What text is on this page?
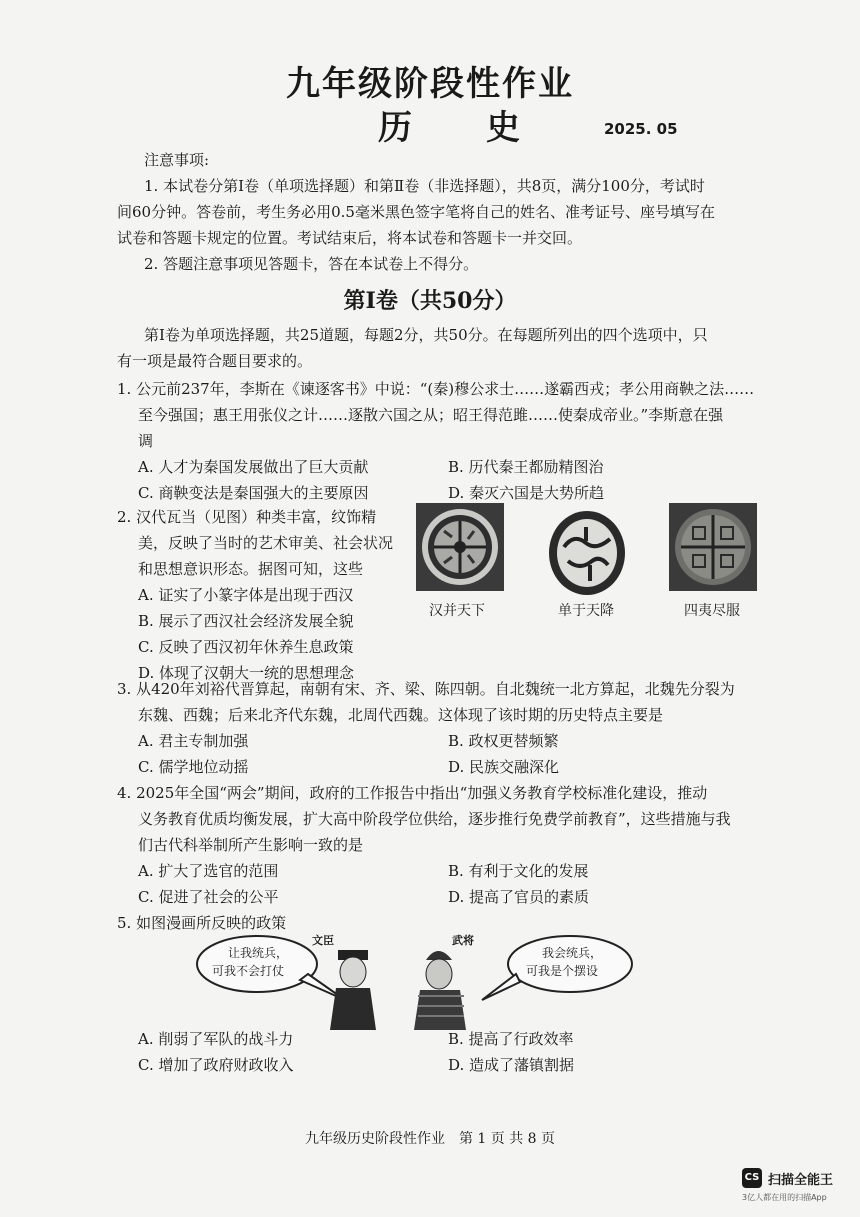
九年级阶段性作业
历　史	2025. 05
注意事项:
1. 本试卷分第Ⅰ卷（单项选择题）和第Ⅱ卷（非选择题），共8页，满分100分，考试时
间60分钟。答卷前，考生务必用0.5毫米黑色签字笔将自己的姓名、准考证号、座号填写在
试卷和答题卡规定的位置。考试结束后，将本试卷和答题卡一并交回。
2. 答题注意事项见答题卡，答在本试卷上不得分。
第Ⅰ卷（共50分）
第Ⅰ卷为单项选择题，共25道题，每题2分，共50分。在每题所列出的四个选项中，只
有一项是最符合题目要求的。
1. 公元前237年，李斯在《谏逐客书》中说：“(秦)穆公求士……遂霸西戎；孝公用商鞅之法……
至今强国；惠王用张仪之计……逐散六国之从；昭王得范雎……使秦成帝业。”李斯意在强
调
A. 人才为秦国发展做出了巨大贡献	B. 历代秦王都励精图治
C. 商鞅变法是秦国强大的主要原因	D. 秦灭六国是大势所趋
2. 汉代瓦当（见图）种类丰富，纹饰精
美，反映了当时的艺术审美、社会状况
和思想意识形态。据图可知，这些
A. 证实了小篆字体是出现于西汉
B. 展示了西汉社会经济发展全貌
C. 反映了西汉初年休养生息政策
D. 体现了汉朝大一统的思想理念
汉并天下	单于天降	四夷尽服
3. 从420年刘裕代晋算起，南朝有宋、齐、梁、陈四朝。自北魏统一北方算起，北魏先分裂为
东魏、西魏；后来北齐代东魏，北周代西魏。这体现了该时期的历史特点主要是
A. 君主专制加强	B. 政权更替频繁
C. 儒学地位动摇	D. 民族交融深化
4. 2025年全国“两会”期间，政府的工作报告中指出“加强义务教育学校标准化建设，推动
义务教育优质均衡发展，扩大高中阶段学位供给，逐步推行免费学前教育”，这些措施与我
们古代科举制所产生影响一致的是
A. 扩大了选官的范围	B. 有利于文化的发展
C. 促进了社会的公平	D. 提高了官员的素质
5. 如图漫画所反映的政策
让我统兵，
可我不会打仗
文臣	武将
我会统兵，
可我是个摆设
A. 削弱了军队的战斗力	B. 提高了行政效率
C. 增加了政府财政收入	D. 造成了藩镇割据
九年级历史阶段性作业　第 1 页 共 8 页
CS 扫描全能王
3亿人都在用的扫描App
